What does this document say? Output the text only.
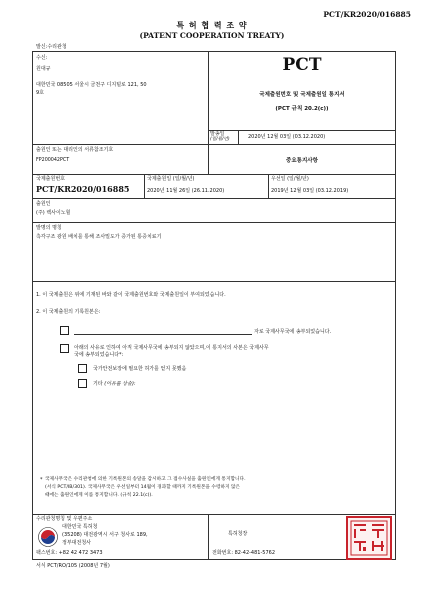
PCT/KR2020/016885
특 허 협 력 조 약
(PATENT COOPERATION TREATY)
발신:수리관청
수신:
원대규
대한민국 08505 서울시 금천구 디지털로 121, 50
9호
PCT
국제출원번호 및 국제출원일 통지서
(PCT 규칙 20.2(c))
발송일
(일/월/년)	2020년 12월 03일 (03.12.2020)
출원인 또는 대리인의 서류참조기호
FP200042PCT	중요통지사항
국제출원번호
PCT/KR2020/016885
국제출원일 (일/월/년)
2020년 11월 26일 (26.11.2020)
우선일 (일/월/년)
2019년 12월 03일 (03.12.2019)
출원인
(주) 렉사이노힐
발명의 명칭
측각구조 광원 배치를 통해 조사밀도가 증가된 통증치료기
1. 이 국제출원은 위에 기재된 바와 같이 국제출원번호와 국제출원일이 부여되었습니다.
2. 이 국제출원의 기록원본은:
자로 국제사무국에 송부되었습니다.
아래의 사유로 인하여 아직 국제사무국에 송부되지 않았으며,이 통지서의 사본은 국제사무
국에 송부되었습니다*:
국가안전보장에 필요한 허가를 얻지 못했음
기타 (이유를 상술):
* 국제사무국은 수리관청에 의한 기록원본의 송달을 감시하고 그 접수사실을 출원인에게 통지합니다.
(서식 PCT/IB/301). 국제사무국은 우선일부터 14월이 경과할 때까지 기록원본을 수령하지 않은
때에는 출원인에게 이를 통지합니다. (규칙 22.1(c)).
수리관청명칭 및 우편주소
대한민국 특허청
(35208) 대전광역시 서구 청사로 189,
정부대전청사
팩스번호: +82 42 472 3473
특허청장
전화번호: 82-42-481-5762
서식 PCT/RO/105 (2008년 7월)
